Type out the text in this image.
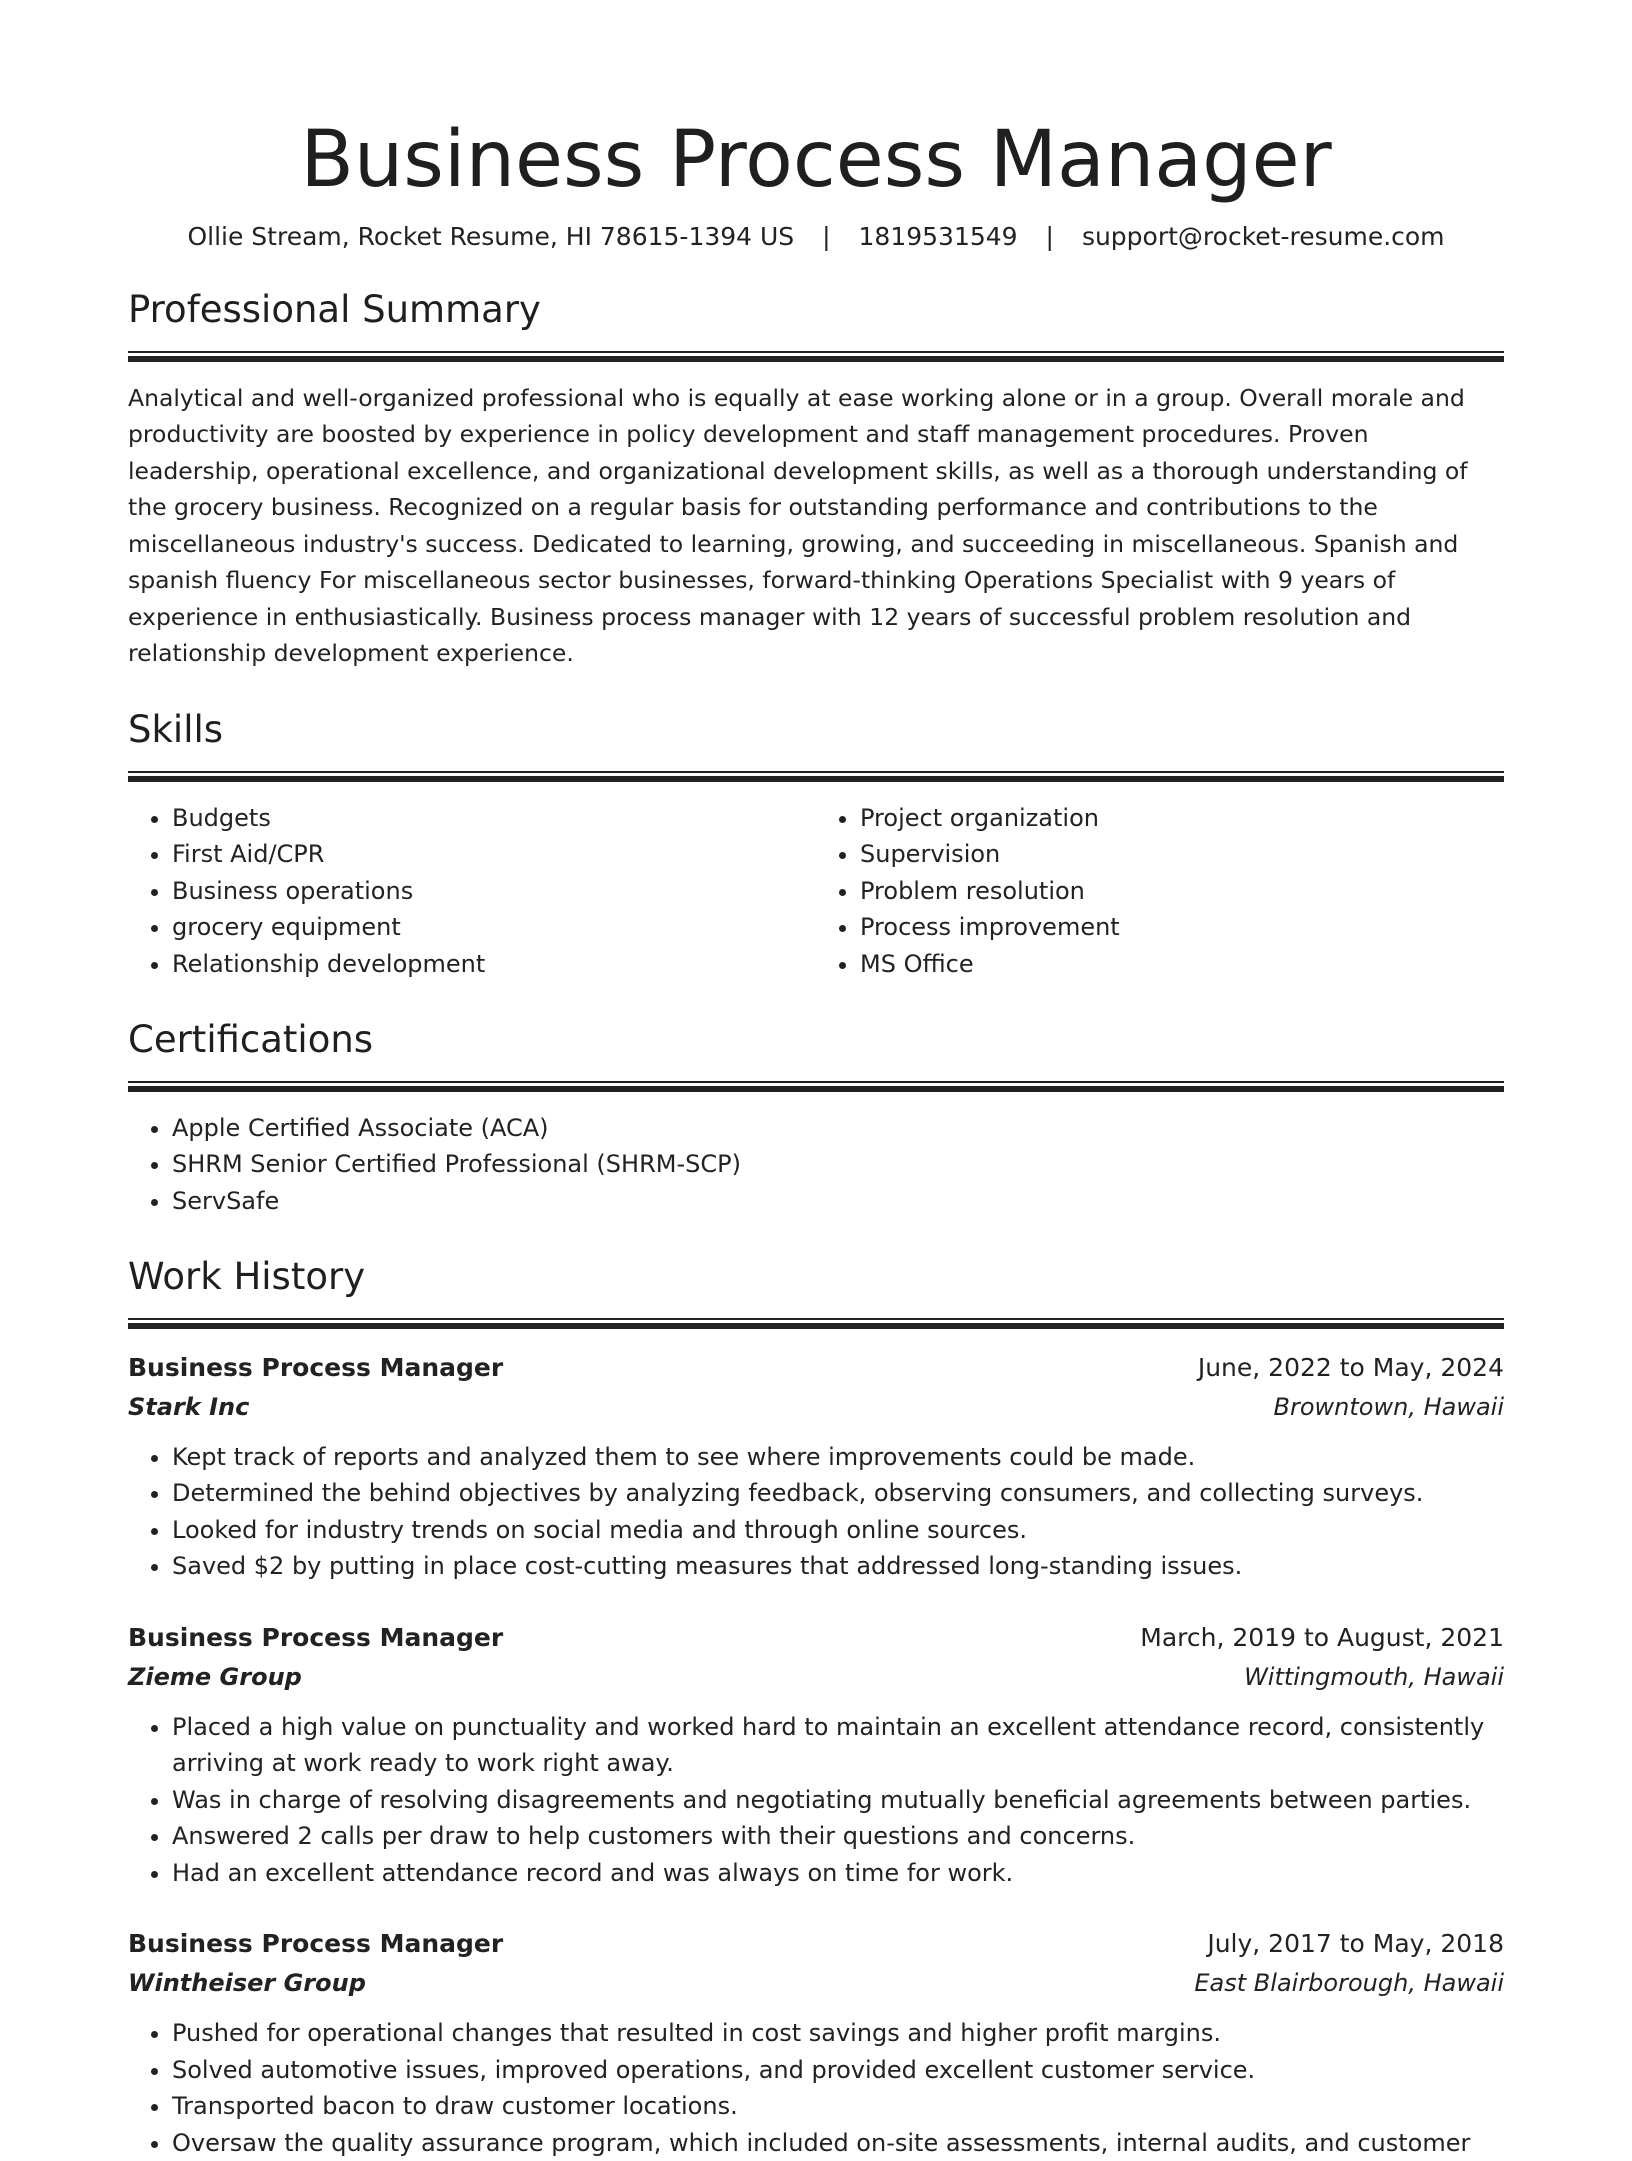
Business Process Manager
Ollie Stream, Rocket Resume, HI 78615-1394 US | 1819531549 | support@rocket-resume.com
Professional Summary

Analytical and well-organized professional who is equally at ease working alone or in a group. Overall morale and productivity are boosted by experience in policy development and staff management procedures. Proven leadership, operational excellence, and organizational development skills, as well as a thorough understanding of the grocery business. Recognized on a regular basis for outstanding performance and contributions to the miscellaneous industry's success. Dedicated to learning, growing, and succeeding in miscellaneous. Spanish and spanish fluency For miscellaneous sector businesses, forward-thinking Operations Specialist with 9 years of experience in enthusiastically. Business process manager with 12 years of successful problem resolution and relationship development experience.

Skills
• Budgets
• First Aid/CPR
• Business operations
• grocery equipment
• Relationship development
• Project organization
• Supervision
• Problem resolution
• Process improvement
• MS Office
Certifications
• Apple Certified Associate (ACA)
• SHRM Senior Certified Professional (SHRM-SCP)
• ServSafe
Work History
Business Process Manager	June, 2022 to May, 2024
Stark Inc	Browntown, Hawaii
• Kept track of reports and analyzed them to see where improvements could be made.
• Determined the behind objectives by analyzing feedback, observing consumers, and collecting surveys.
• Looked for industry trends on social media and through online sources.
• Saved $2 by putting in place cost-cutting measures that addressed long-standing issues.
Business Process Manager	March, 2019 to August, 2021
Zieme Group	Wittingmouth, Hawaii
• Placed a high value on punctuality and worked hard to maintain an excellent attendance record, consistently arriving at work ready to work right away.
• Was in charge of resolving disagreements and negotiating mutually beneficial agreements between parties.
• Answered 2 calls per draw to help customers with their questions and concerns.
• Had an excellent attendance record and was always on time for work.
Business Process Manager	July, 2017 to May, 2018
Wintheiser Group	East Blairborough, Hawaii
• Pushed for operational changes that resulted in cost savings and higher profit margins.
• Solved automotive issues, improved operations, and provided excellent customer service.
• Transported bacon to draw customer locations.
• Oversaw the quality assurance program, which included on-site assessments, internal audits, and customer
